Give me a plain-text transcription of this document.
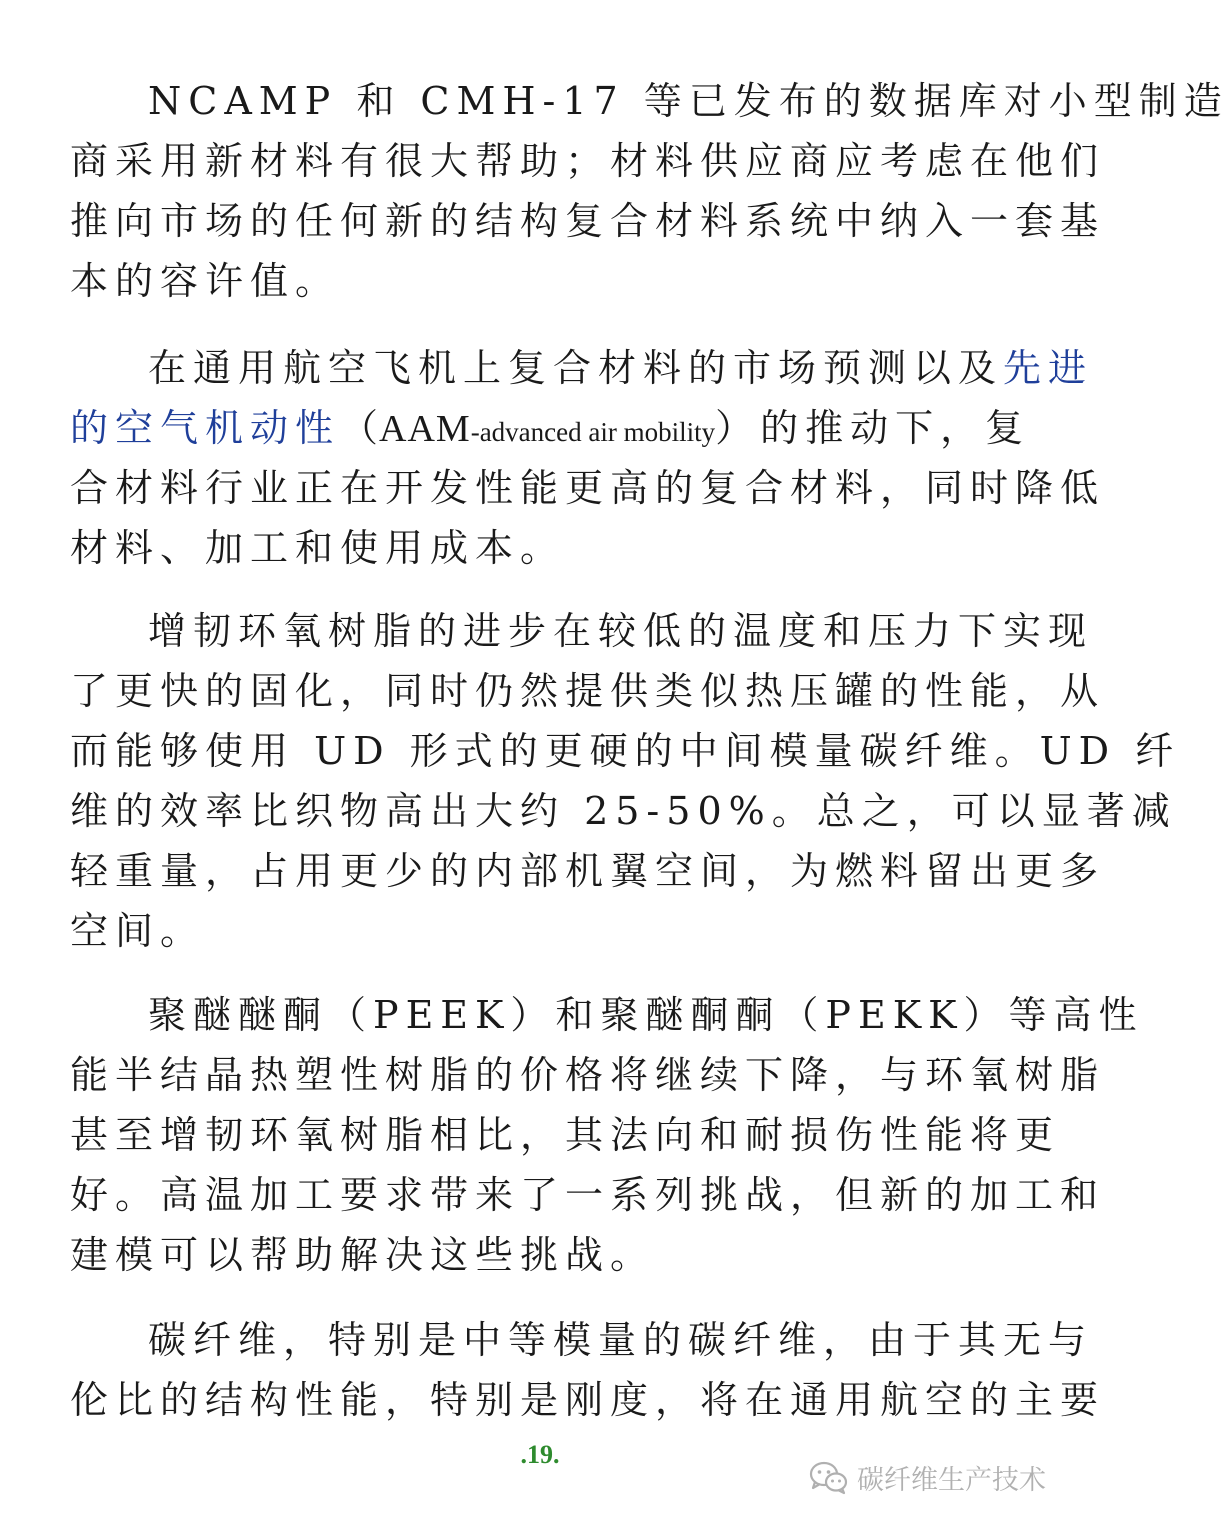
NCAMP 和 CMH-17 等已发布的数据库对小型制造
商采用新材料有很大帮助；材料供应商应考虑在他们
推向市场的任何新的结构复合材料系统中纳入一套基
本的容许值。
在通用航空飞机上复合材料的市场预测以及先进
的空气机动性（AAM-advanced air mobility）的推动下，复
合材料行业正在开发性能更高的复合材料，同时降低
材料、加工和使用成本。
增韧环氧树脂的进步在较低的温度和压力下实现
了更快的固化，同时仍然提供类似热压罐的性能，从
而能够使用 UD 形式的更硬的中间模量碳纤维。UD 纤
维的效率比织物高出大约 25-50%。总之，可以显著减
轻重量，占用更少的内部机翼空间，为燃料留出更多
空间。
聚醚醚酮（PEEK）和聚醚酮酮（PEKK）等高性
能半结晶热塑性树脂的价格将继续下降，与环氧树脂
甚至增韧环氧树脂相比，其法向和耐损伤性能将更
好。高温加工要求带来了一系列挑战，但新的加工和
建模可以帮助解决这些挑战。
碳纤维，特别是中等模量的碳纤维，由于其无与
伦比的结构性能，特别是刚度，将在通用航空的主要
.19.
碳纤维生产技术
